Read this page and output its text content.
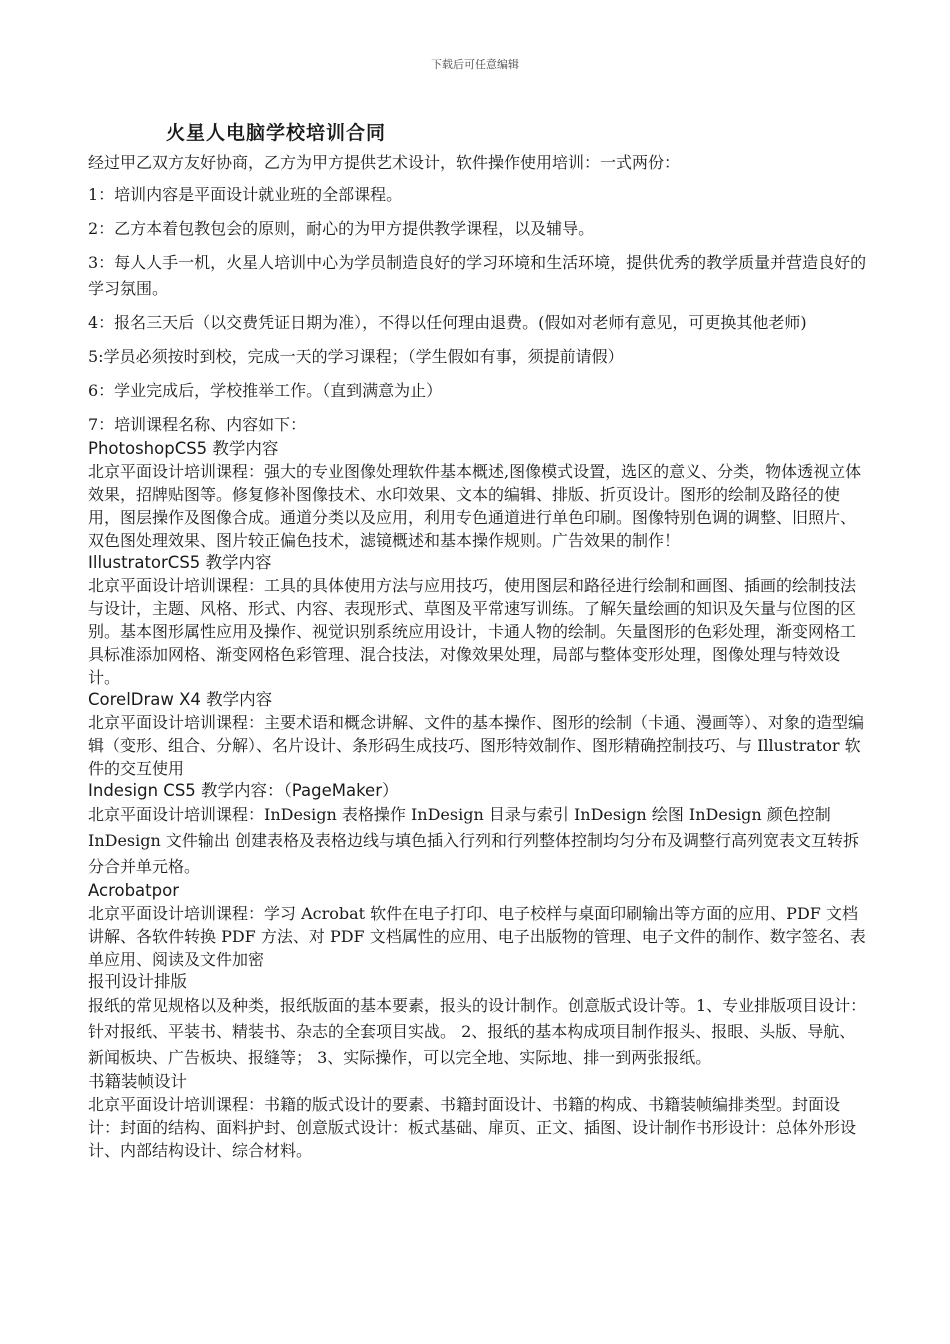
下载后可任意编辑
火星人电脑学校培训合同

经过甲乙双方友好协商，乙方为甲方提供艺术设计，软件操作使用培训：一式两份：

1：培训内容是平面设计就业班的全部课程。

2：乙方本着包教包会的原则，耐心的为甲方提供教学课程，以及辅导。

3：每人人手一机，火星人培训中心为学员制造良好的学习环境和生活环境，提供优秀的教学质量并营造良好的学习氛围。

4：报名三天后（以交费凭证日期为准），不得以任何理由退费。(假如对老师有意见，可更换其他老师)

5:学员必须按时到校，完成一天的学习课程；（学生假如有事，须提前请假）

6：学业完成后，学校推举工作。（直到满意为止）

7：培训课程名称、内容如下：

PhotoshopCS5 教学内容

北京平面设计培训课程：强大的专业图像处理软件基本概述,图像模式设置，选区的意义、分类，物体透视立体效果，招牌贴图等。修复修补图像技术、水印效果、文本的编辑、排版、折页设计。图形的绘制及路径的使用，图层操作及图像合成。通道分类以及应用，利用专色通道进行单色印刷。图像特别色调的调整、旧照片、双色图处理效果、图片较正偏色技术，滤镜概述和基本操作规则。广告效果的制作！

IllustratorCS5 教学内容

北京平面设计培训课程：工具的具体使用方法与应用技巧，使用图层和路径进行绘制和画图、插画的绘制技法与设计，主题、风格、形式、内容、表现形式、草图及平常速写训练。了解矢量绘画的知识及矢量与位图的区别。基本图形属性应用及操作、视觉识别系统应用设计，卡通人物的绘制。矢量图形的色彩处理，渐变网格工具标准添加网格、渐变网格色彩管理、混合技法，对像效果处理，局部与整体变形处理，图像处理与特效设计。

CorelDraw X4 教学内容

北京平面设计培训课程：主要术语和概念讲解、文件的基本操作、图形的绘制（卡通、漫画等）、对象的造型编辑（变形、组合、分解）、名片设计、条形码生成技巧、图形特效制作、图形精确控制技巧、与 Illustrator 软件的交互使用

Indesign CS5 教学内容：（PageMaker）

北京平面设计培训课程：InDesign 表格操作 InDesign 目录与索引 InDesign 绘图 InDesign 颜色控制 InDesign 文件输出 创建表格及表格边线与填色插入行列和行列整体控制均匀分布及调整行高列宽表文互转拆分合并单元格。

Acrobatpor

北京平面设计培训课程：学习 Acrobat 软件在电子打印、电子校样与桌面印刷输出等方面的应用、PDF 文档讲解、各软件转换 PDF 方法、对 PDF 文档属性的应用、电子出版物的管理、电子文件的制作、数字签名、表单应用、阅读及文件加密

报刊设计排版

报纸的常见规格以及种类，报纸版面的基本要素，报头的设计制作。创意版式设计等。1、专业排版项目设计：针对报纸、平装书、精装书、杂志的全套项目实战。 2、报纸的基本构成项目制作报头、报眼、头版、导航、新闻板块、广告板块、报缝等； 3、实际操作，可以完全地、实际地、排一到两张报纸。

书籍装帧设计

北京平面设计培训课程：书籍的版式设计的要素、书籍封面设计、书籍的构成、书籍装帧编排类型。封面设计：封面的结构、面料护封、创意版式设计：板式基础、扉页、正文、插图、设计制作书形设计：总体外形设计、内部结构设计、综合材料。
